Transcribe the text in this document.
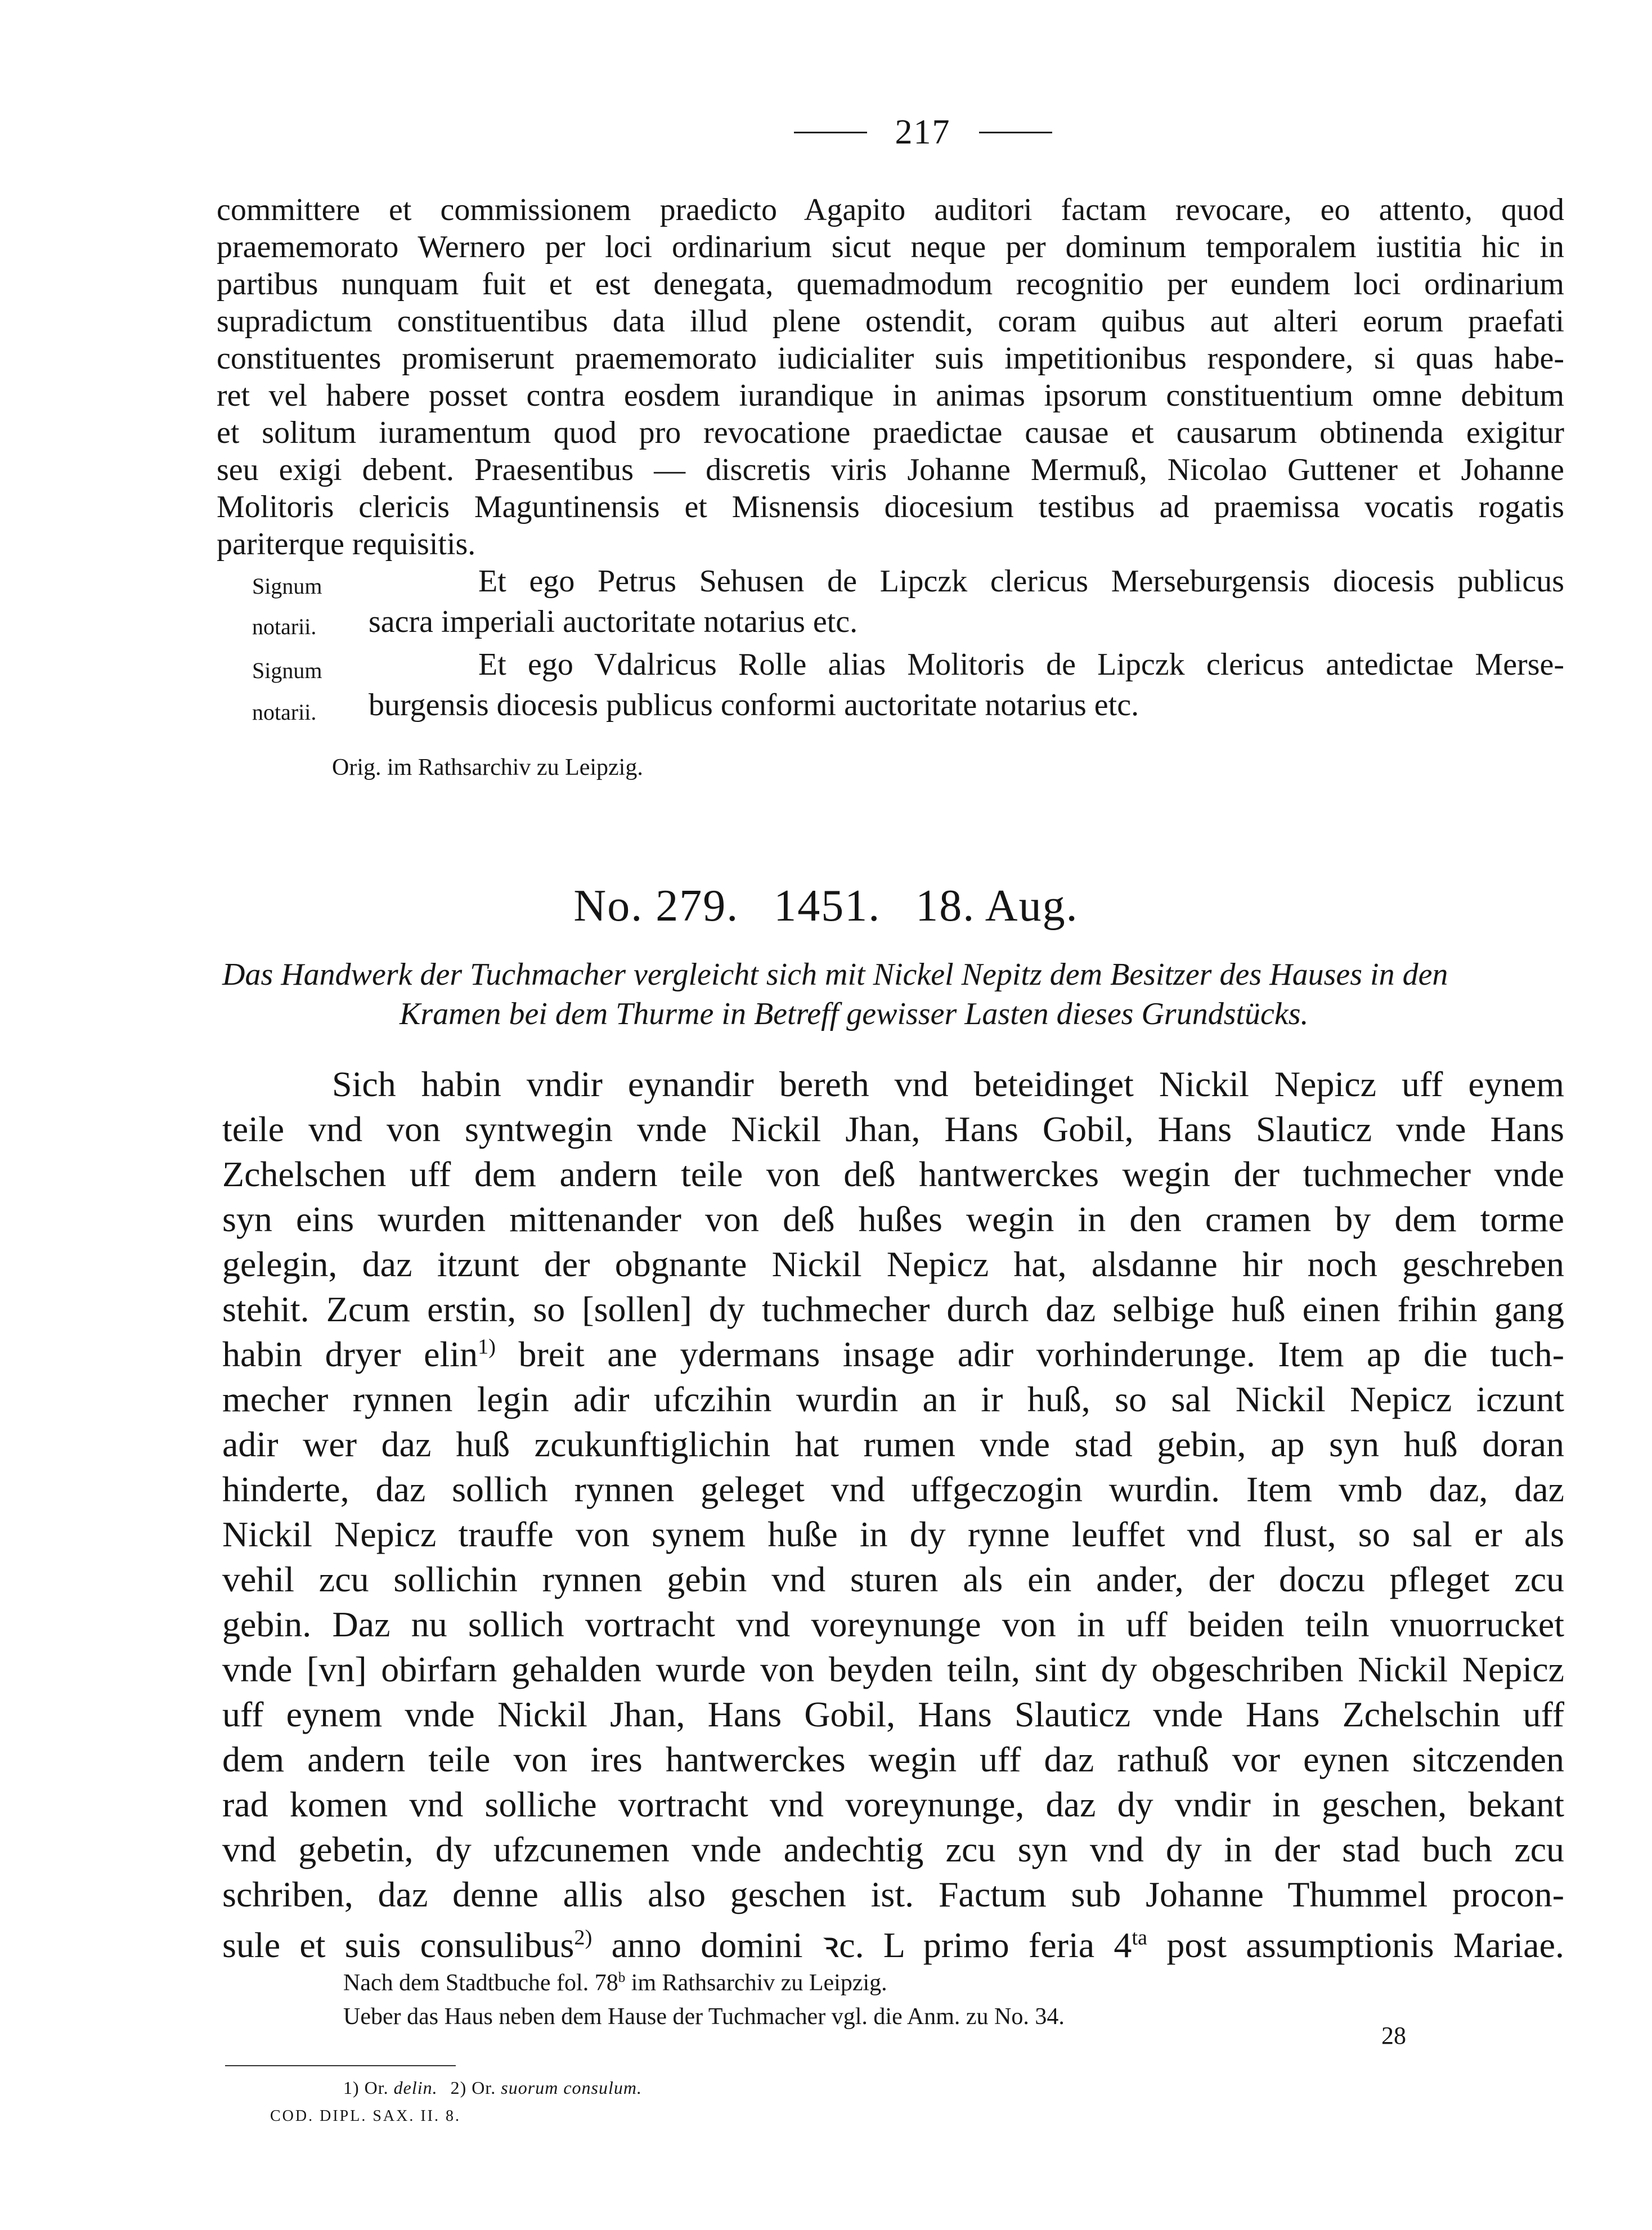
217
committere et commissionem praedicto Agapito auditori factam revocare, eo attento, quod
praememorato Wernero per loci ordinarium sicut neque per dominum temporalem iustitia hic in
partibus nunquam fuit et est denegata, quemadmodum recognitio per eundem loci ordinarium
supradictum constituentibus data illud plene ostendit, coram quibus aut alteri eorum praefati
constituentes promiserunt praememorato iudicialiter suis impetitionibus respondere, si quas habe-
ret vel habere posset contra eosdem iurandique in animas ipsorum constituentium omne debitum
et solitum iuramentum quod pro revocatione praedictae causae et causarum obtinenda exigitur
seu exigi debent. Praesentibus — discretis viris Johanne Mermuß, Nicolao Guttener et Johanne
Molitoris clericis Maguntinensis et Misnensis diocesium testibus ad praemissa vocatis rogatis
pariterque requisitis.
Signum	Et ego Petrus Sehusen de Lipczk clericus Merseburgensis diocesis publicus
notarii. sacra imperiali auctoritate notarius etc.
Signum	Et ego Vdalricus Rolle alias Molitoris de Lipczk clericus antedictae Merse-
notarii. burgensis diocesis publicus conformi auctoritate notarius etc.
Orig. im Rathsarchiv zu Leipzig.
No. 279. 1451. 18. Aug.
Das Handwerk der Tuchmacher vergleicht sich mit Nickel Nepitz dem Besitzer des Hauses in den
Kramen bei dem Thurme in Betreff gewisser Lasten dieses Grundstücks.
Sich habin vndir eynandir bereth vnd beteidinget Nickil Nepicz uff eynem
teile vnd von syntwegin vnde Nickil Jhan, Hans Gobil, Hans Slauticz vnde Hans
Zchelschen uff dem andern teile von deß hantwerckes wegin der tuchmecher vnde
syn eins wurden mittenander von deß hußes wegin in den cramen by dem torme
gelegin, daz itzunt der obgnante Nickil Nepicz hat, alsdanne hir noch geschreben
stehit. Zcum erstin, so [sollen] dy tuchmecher durch daz selbige huß einen frihin gang
habin dryer elin$^{1)}$ breit ane ydermans insage adir vorhinderunge. Item ap die tuch-
mecher rynnen legin adir ufczihin wurdin an ir huß, so sal Nickil Nepicz iczunt
adir wer daz huß zcukunftiglichin hat rumen vnde stad gebin, ap syn huß doran
hinderte, daz sollich rynnen geleget vnd uffgeczogin wurdin. Item vmb daz, daz
Nickil Nepicz trauffe von synem huße in dy rynne leuffet vnd flust, so sal er als
vehil zcu sollichin rynnen gebin vnd sturen als ein ander, der doczu pfleget zcu
gebin. Daz nu sollich vortracht vnd voreynunge von in uff beiden teiln vnuorrucket
vnde [vn] obirfarn gehalden wurde von beyden teiln, sint dy obgeschriben Nickil Nepicz
uff eynem vnde Nickil Jhan, Hans Gobil, Hans Slauticz vnde Hans Zchelschin uff
dem andern teile von ires hantwerckes wegin uff daz rathuß vor eynen sitczenden
rad komen vnd solliche vortracht vnd voreynunge, daz dy vndir in geschen, bekant
vnd gebetin, dy ufzcunemen vnde andechtig zcu syn vnd dy in der stad buch zcu
schriben, daz denne allis also geschen ist. Factum sub Johanne Thummel procon-
sule et suis consulibus$^{2)}$ anno domini ꝛc. L primo feria $4^{ta}$ post assumptionis Mariae.
Nach dem Stadtbuche fol. 78$^b$ im Rathsarchiv zu Leipzig.
Ueber das Haus neben dem Hause der Tuchmacher vgl. die Anm. zu No. 34.
1) Or. delin. 2) Or. suorum consulum.
COD. DIPL. SAX. II. 8.
28
